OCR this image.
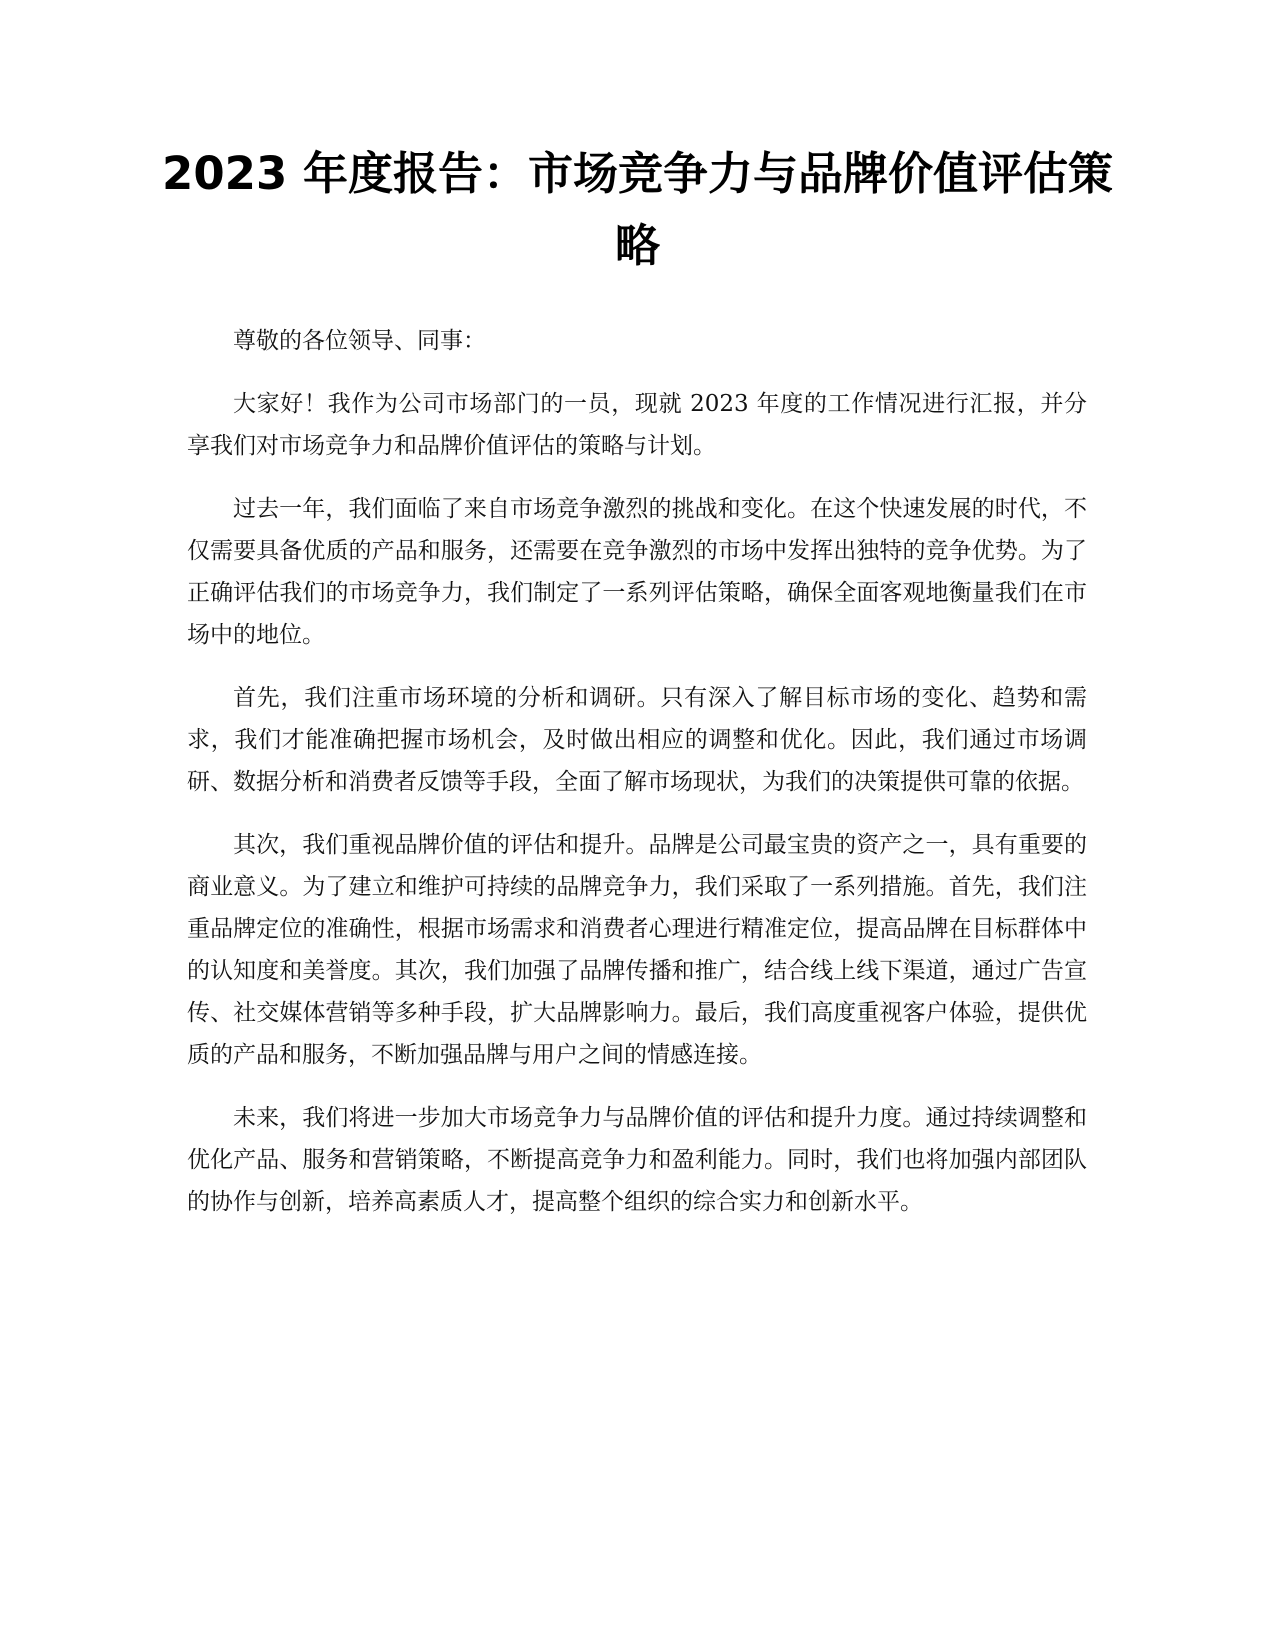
2023 年度报告：市场竞争力与品牌价值评估策略

尊敬的各位领导、同事：

大家好！我作为公司市场部门的一员，现就 2023 年度的工作情况进行汇报，并分享我们对市场竞争力和品牌价值评估的策略与计划。

过去一年，我们面临了来自市场竞争激烈的挑战和变化。在这个快速发展的时代，不仅需要具备优质的产品和服务，还需要在竞争激烈的市场中发挥出独特的竞争优势。为了正确评估我们的市场竞争力，我们制定了一系列评估策略，确保全面客观地衡量我们在市场中的地位。

首先，我们注重市场环境的分析和调研。只有深入了解目标市场的变化、趋势和需求，我们才能准确把握市场机会，及时做出相应的调整和优化。因此，我们通过市场调研、数据分析和消费者反馈等手段，全面了解市场现状，为我们的决策提供可靠的依据。

其次，我们重视品牌价值的评估和提升。品牌是公司最宝贵的资产之一，具有重要的商业意义。为了建立和维护可持续的品牌竞争力，我们采取了一系列措施。首先，我们注重品牌定位的准确性，根据市场需求和消费者心理进行精准定位，提高品牌在目标群体中的认知度和美誉度。其次，我们加强了品牌传播和推广，结合线上线下渠道，通过广告宣传、社交媒体营销等多种手段，扩大品牌影响力。最后，我们高度重视客户体验，提供优质的产品和服务，不断加强品牌与用户之间的情感连接。

未来，我们将进一步加大市场竞争力与品牌价值的评估和提升力度。通过持续调整和优化产品、服务和营销策略，不断提高竞争力和盈利能力。同时，我们也将加强内部团队的协作与创新，培养高素质人才，提高整个组织的综合实力和创新水平。
